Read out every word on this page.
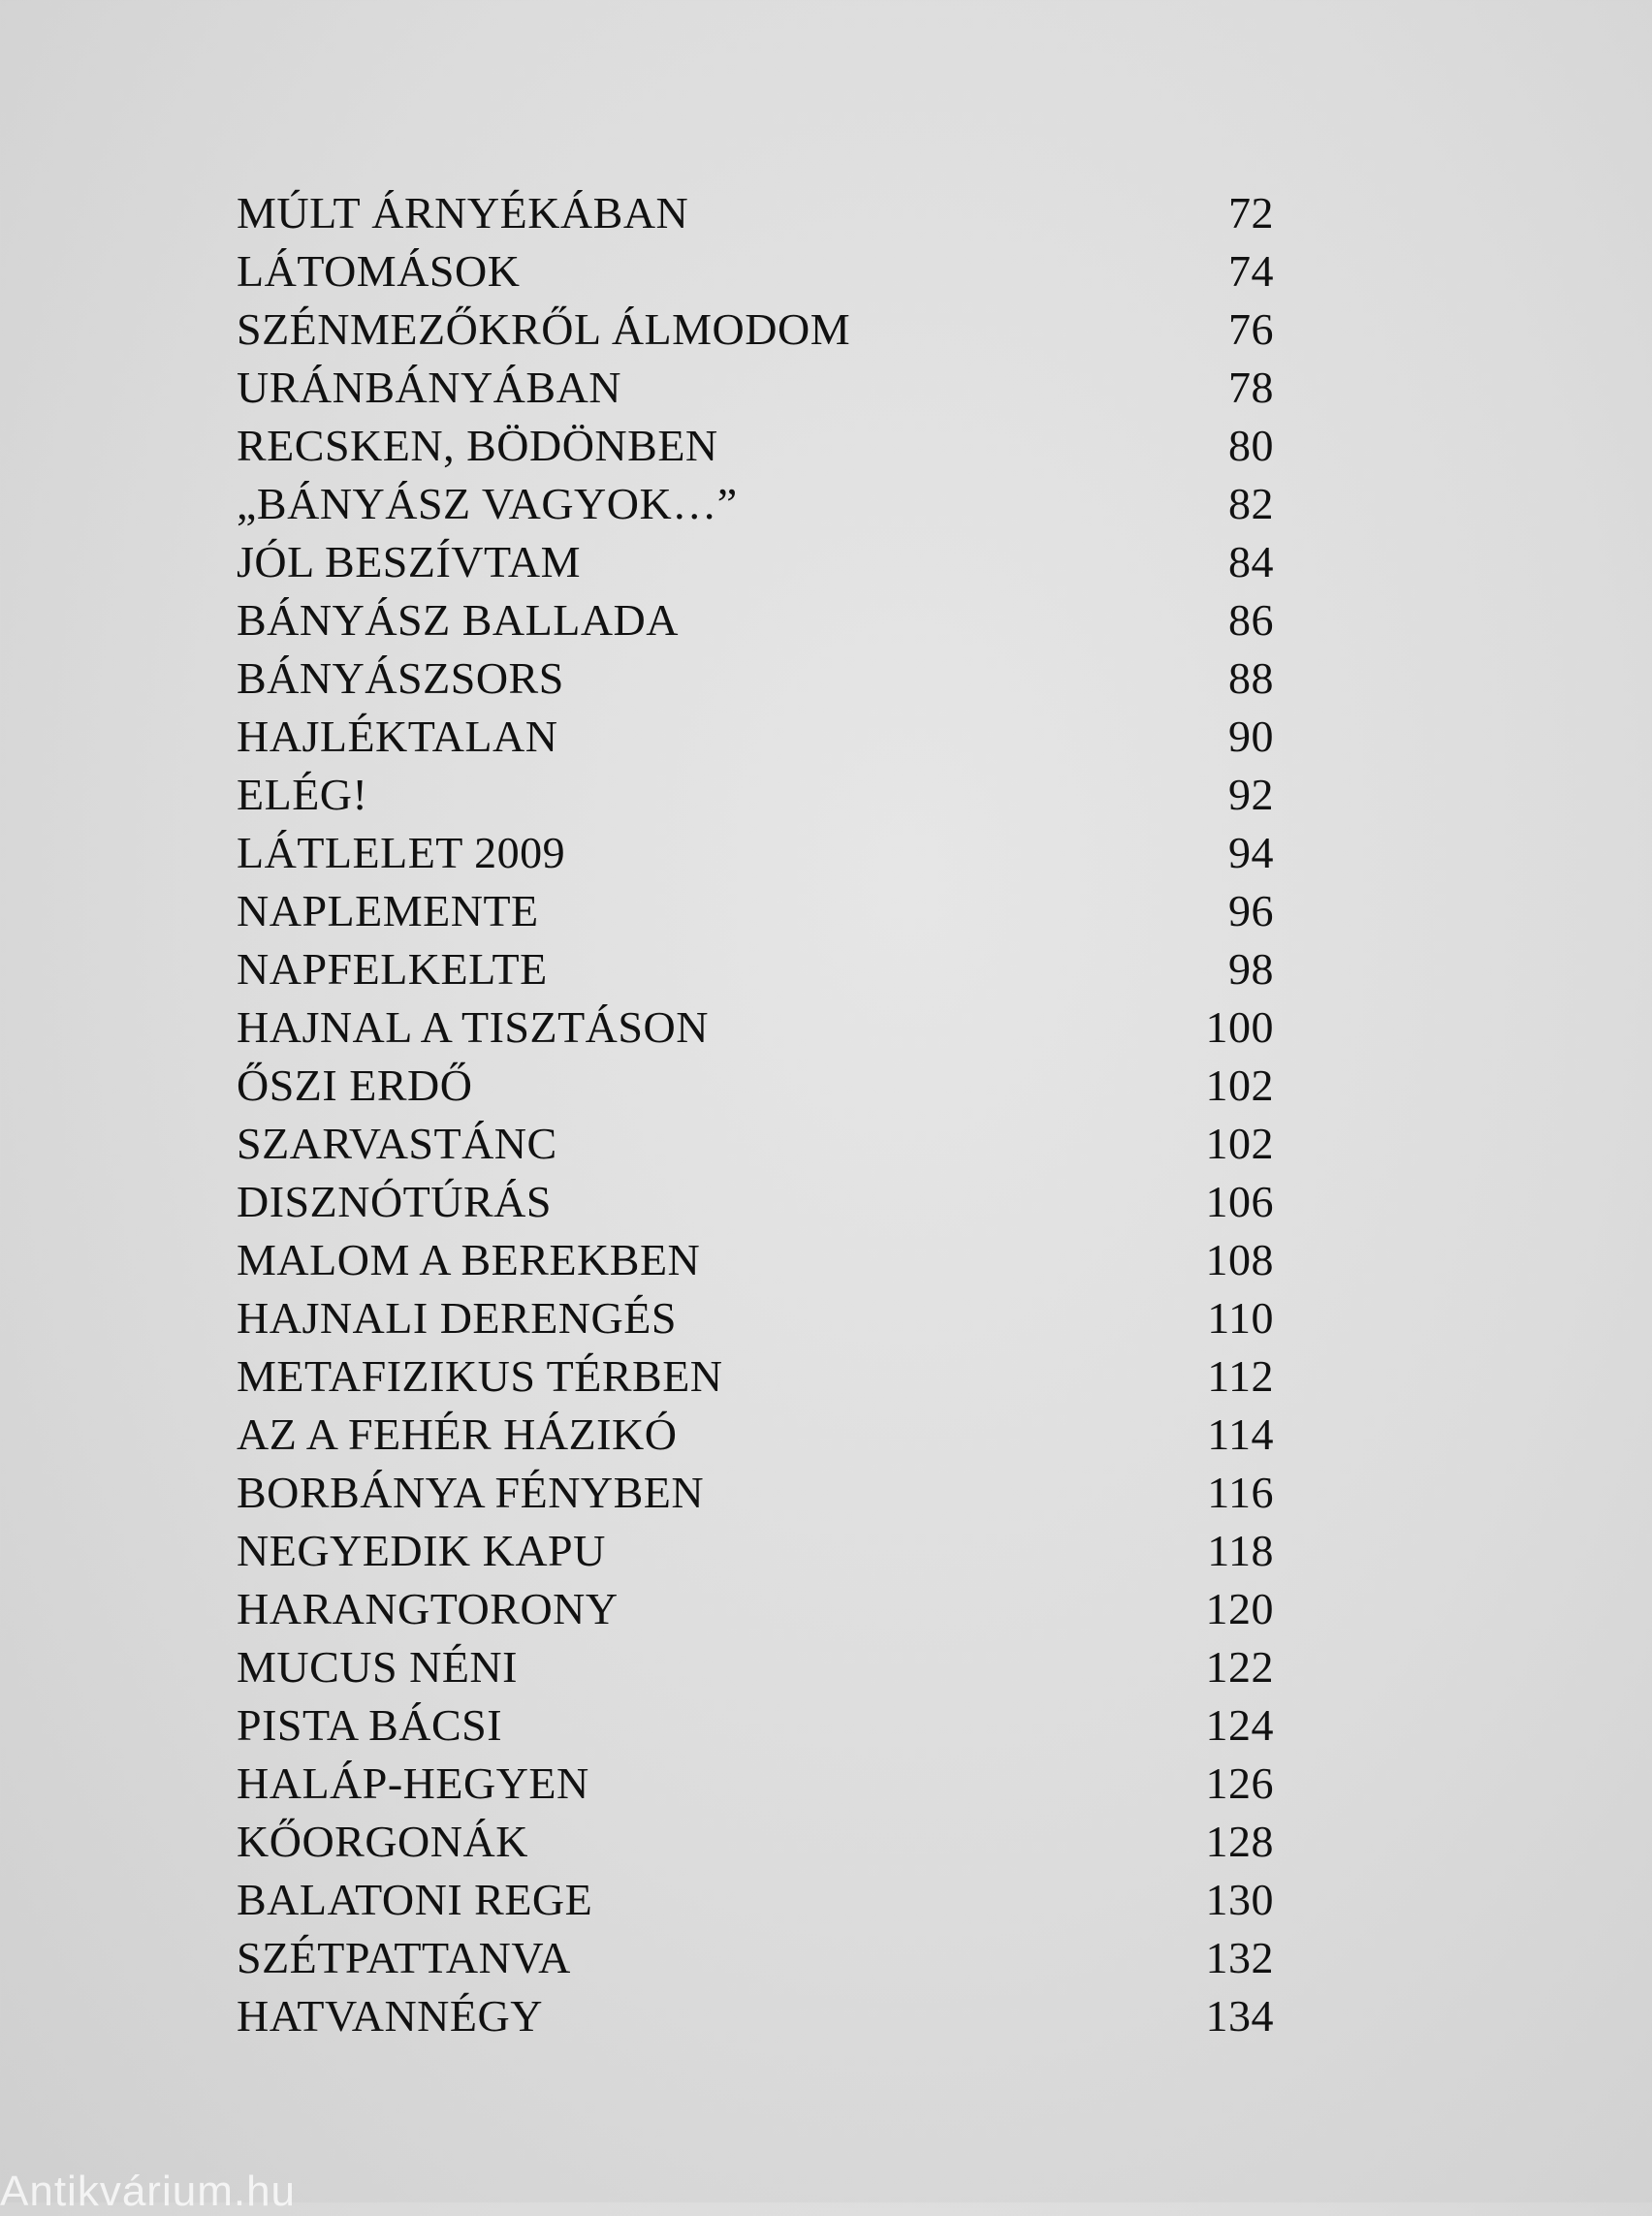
MÚLT ÁRNYÉKÁBAN	72
LÁTOMÁSOK	74
SZÉNMEZŐKRŐL ÁLMODOM	76
URÁNBÁNYÁBAN	78
RECSKEN, BÖDÖNBEN	80
„BÁNYÁSZ VAGYOK…”	82
JÓL BESZÍVTAM	84
BÁNYÁSZ BALLADA	86
BÁNYÁSZSORS	88
HAJLÉKTALAN	90
ELÉG!	92
LÁTLELET 2009	94
NAPLEMENTE	96
NAPFELKELTE	98
HAJNAL A TISZTÁSON	100
ŐSZI ERDŐ	102
SZARVASTÁNC	102
DISZNÓTÚRÁS	106
MALOM A BEREKBEN	108
HAJNALI DERENGÉS	110
METAFIZIKUS TÉRBEN	112
AZ A FEHÉR HÁZIKÓ	114
BORBÁNYA FÉNYBEN	116
NEGYEDIK KAPU	118
HARANGTORONY	120
MUCUS NÉNI	122
PISTA BÁCSI	124
HALÁP-HEGYEN	126
KŐORGONÁK	128
BALATONI REGE	130
SZÉTPATTANVA	132
HATVANNÉGY	134
Antikvárium.hu
